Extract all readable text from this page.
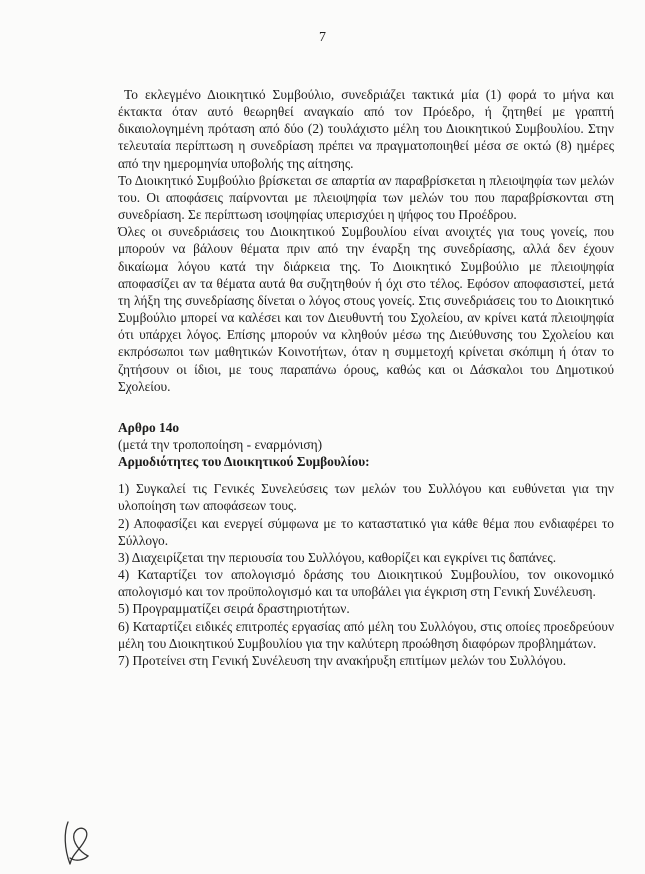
7

Το εκλεγμένο Διοικητικό Συμβούλιο, συνεδριάζει τακτικά μία (1) φορά το μήνα και έκτακτα όταν αυτό θεωρηθεί αναγκαίο από τον Πρόεδρο, ή ζητηθεί με γραπτή δικαιολογημένη πρόταση από δύο (2) τουλάχιστο μέλη του Διοικητικού Συμβουλίου. Στην τελευταία περίπτωση η συνεδρίαση πρέπει να πραγματοποιηθεί μέσα σε οκτώ (8) ημέρες από την ημερομηνία υποβολής της αίτησης.

Το Διοικητικό Συμβούλιο βρίσκεται σε απαρτία αν παραβρίσκεται η πλειοψηφία των μελών του. Οι αποφάσεις παίρνονται με πλειοψηφία των μελών του που παραβρίσκονται στη συνεδρίαση. Σε περίπτωση ισοψηφίας υπερισχύει η ψήφος του Προέδρου.

Όλες οι συνεδριάσεις του Διοικητικού Συμβουλίου είναι ανοιχτές για τους γονείς, που μπορούν να βάλουν θέματα πριν από την έναρξη της συνεδρίασης, αλλά δεν έχουν δικαίωμα λόγου κατά την διάρκεια της. Το Διοικητικό Συμβούλιο με πλειοψηφία αποφασίζει αν τα θέματα αυτά θα συζητηθούν ή όχι στο τέλος. Εφόσον αποφασιστεί, μετά τη λήξη της συνεδρίασης δίνεται ο λόγος στους γονείς. Στις συνεδριάσεις του το Διοικητικό Συμβούλιο μπορεί να καλέσει και τον Διευθυντή του Σχολείου, αν κρίνει κατά πλειοψηφία ότι υπάρχει λόγος. Επίσης μπορούν να κληθούν μέσω της Διεύθυνσης του Σχολείου και εκπρόσωποι των μαθητικών Κοινοτήτων, όταν η συμμετοχή κρίνεται σκόπιμη ή όταν το ζητήσουν οι ίδιοι, με τους παραπάνω όρους, καθώς και οι Δάσκαλοι του Δημοτικού Σχολείου.

Αρθρο 14ο

(μετά την τροποποίηση - εναρμόνιση)

Αρμοδιότητες του Διοικητικού Συμβουλίου:

1) Συγκαλεί τις Γενικές Συνελεύσεις των μελών του Συλλόγου και ευθύνεται για την υλοποίηση των αποφάσεων τους.

2) Αποφασίζει και ενεργεί σύμφωνα με το καταστατικό για κάθε θέμα που ενδιαφέρει το Σύλλογο.

3) Διαχειρίζεται την περιουσία του Συλλόγου, καθορίζει και εγκρίνει τις δαπάνες.

4) Καταρτίζει τον απολογισμό δράσης του Διοικητικού Συμβουλίου, τον οικονομικό απολογισμό και τον προϋπολογισμό και τα υποβάλει για έγκριση στη Γενική Συνέλευση.

5) Προγραμματίζει σειρά δραστηριοτήτων.

6) Καταρτίζει ειδικές επιτροπές εργασίας από μέλη του Συλλόγου, στις οποίες προεδρεύουν μέλη του Διοικητικού Συμβουλίου για την καλύτερη προώθηση διαφόρων προβλημάτων.

7) Προτείνει στη Γενική Συνέλευση την ανακήρυξη επιτίμων μελών του Συλλόγου.
